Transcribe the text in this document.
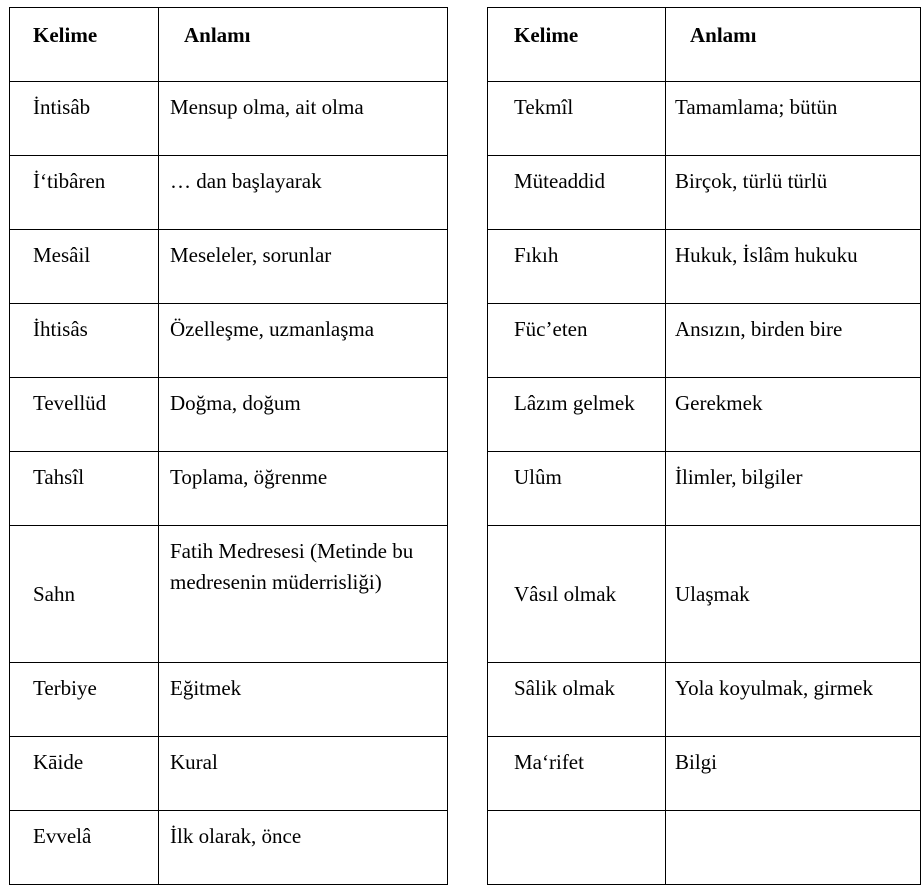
Kelime	Anlamı

İntisâb	Mensup olma, ait olma

İ‘tibâren	… dan başlayarak

Mesâil	Meseleler, sorunlar

İhtisâs	Özelleşme, uzmanlaşma

Tevellüd	Doğma, doğum

Tahsîl	Toplama, öğrenme

Sahn	Fatih Medresesi (Metinde bu medresenin müderrisliği)

Terbiye	Eğitmek

Kāide	Kural

Evvelâ	İlk olarak, önce
Kelime	Anlamı

Tekmîl	Tamamlama; bütün

Müteaddid	Birçok, türlü türlü

Fıkıh	Hukuk, İslâm hukuku

Füc’eten	Ansızın, birden bire

Lâzım gelmek	Gerekmek

Ulûm	İlimler, bilgiler

Vâsıl olmak	Ulaşmak

Sâlik olmak	Yola koyulmak, girmek

Ma‘rifet	Bilgi
